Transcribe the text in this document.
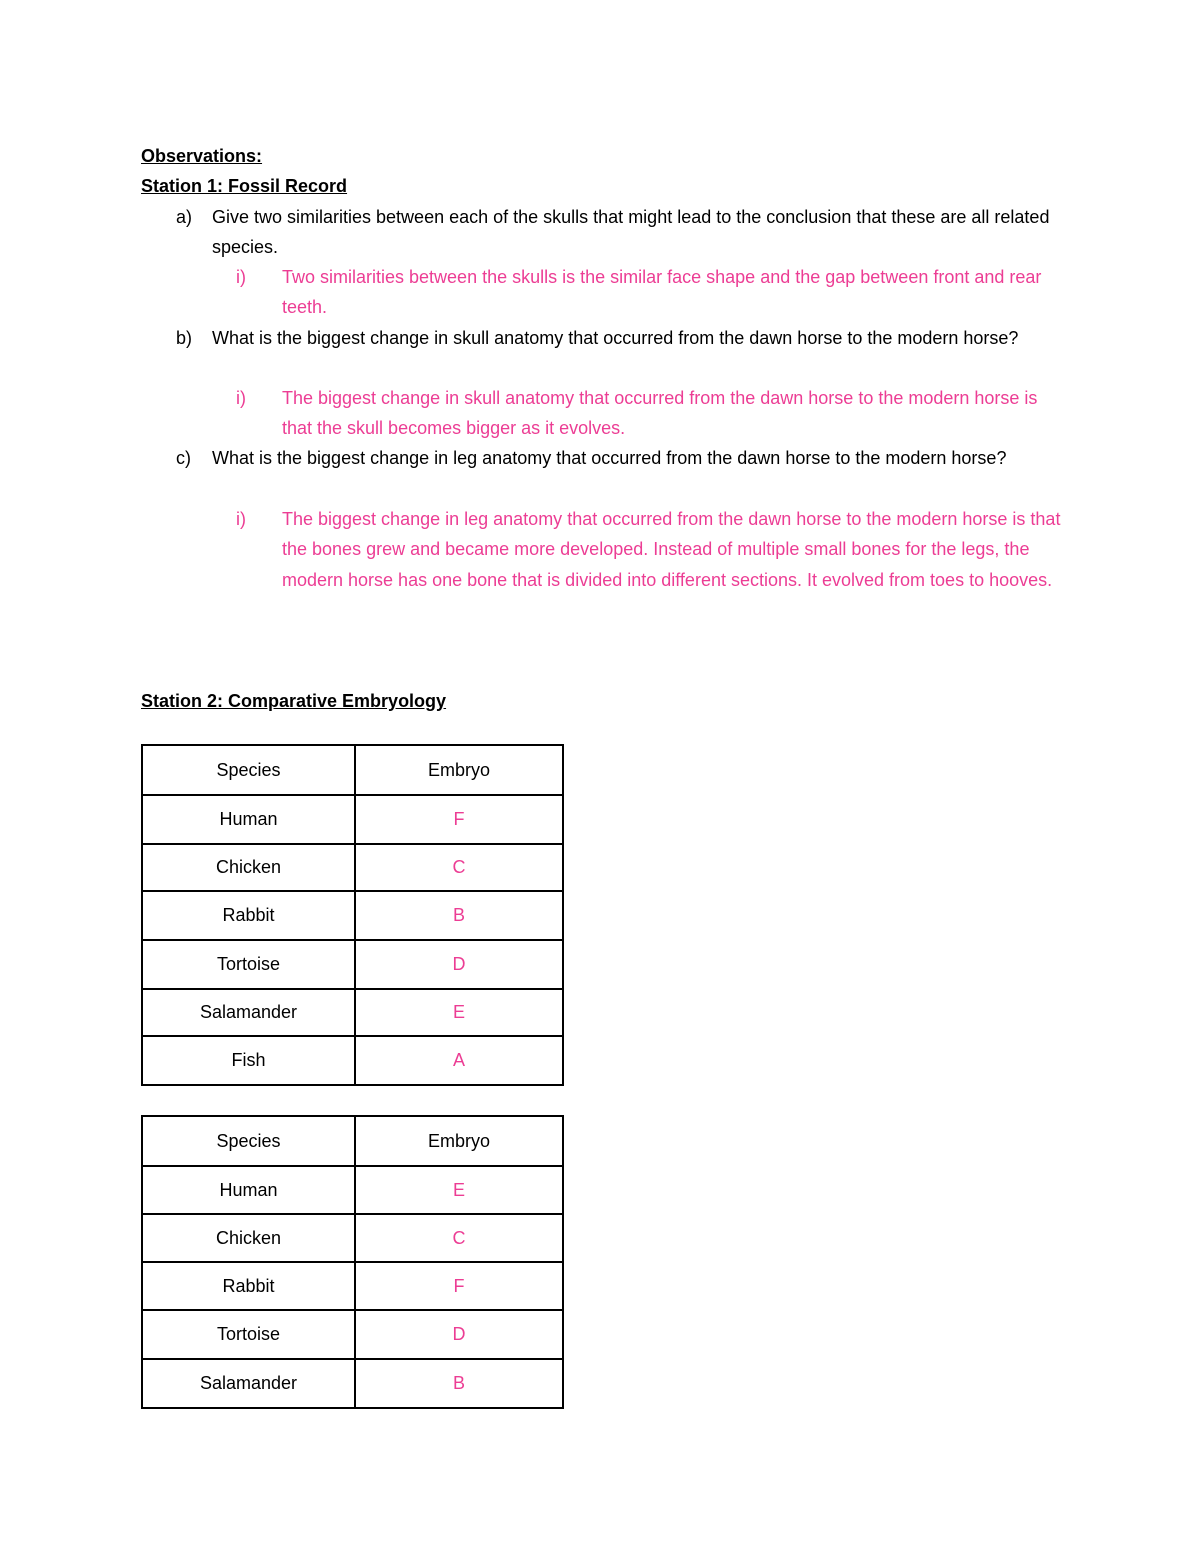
Observations:
Station 1: Fossil Record
a) Give two similarities between each of the skulls that might lead to the conclusion that these are all related species.
i) Two similarities between the skulls is the similar face shape and the gap between front and rear teeth.
b) What is the biggest change in skull anatomy that occurred from the dawn horse to the modern horse?
i) The biggest change in skull anatomy that occurred from the dawn horse to the modern horse is that the skull becomes bigger as it evolves.
c) What is the biggest change in leg anatomy that occurred from the dawn horse to the modern horse?
i) The biggest change in leg anatomy that occurred from the dawn horse to the modern horse is that the bones grew and became more developed. Instead of multiple small bones for the legs, the modern horse has one bone that is divided into different sections. It evolved from toes to hooves.
Station 2: Comparative Embryology
Species	Embryo
Human	F
Chicken	C
Rabbit	B
Tortoise	D
Salamander	E
Fish	A
Species	Embryo
Human	E
Chicken	C
Rabbit	F
Tortoise	D
Salamander	B
